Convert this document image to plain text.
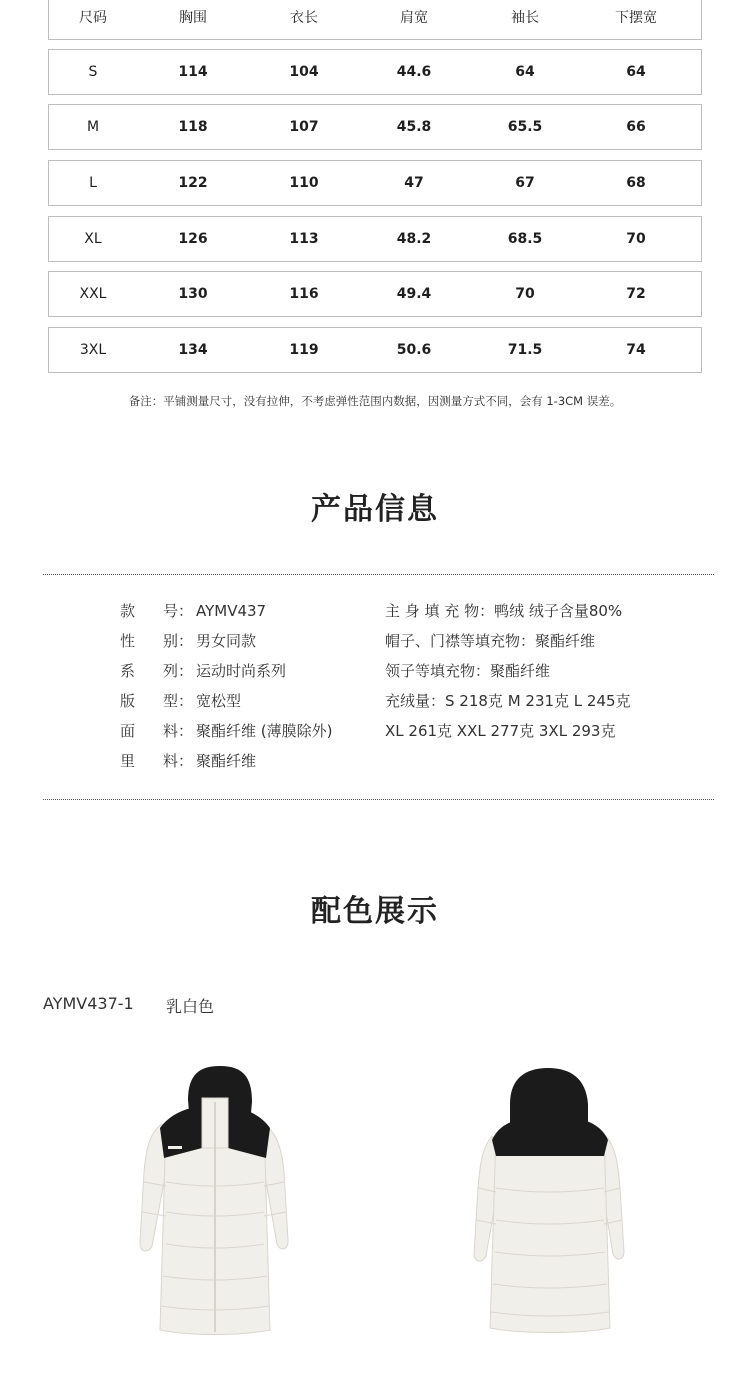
尺码	胸围	衣长	肩宽	袖长	下摆宽
S	114	104	44.6	64	64
M	118	107	45.8	65.5	66
L	122	110	47	67	68
XL	126	113	48.2	68.5	70
XXL	130	116	49.4	70	72
3XL	134	119	50.6	71.5	74
备注：平铺测量尺寸，没有拉伸，不考虑弹性范围内数据，因测量方式不同，会有 1-3CM 误差。
产品信息
款 号： AYMV437
性 别： 男女同款
系 列： 运动时尚系列
版 型： 宽松型
面 料： 聚酯纤维 (薄膜除外)
里 料： 聚酯纤维
主 身 填 充 物：鸭绒 绒子含量80%
帽子、门襟等填充物：聚酯纤维
领子等填充物：聚酯纤维
充绒量：S 218克 M 231克 L 245克
XL 261克 XXL 277克 3XL 293克
配色展示
AYMV437-1 乳白色
